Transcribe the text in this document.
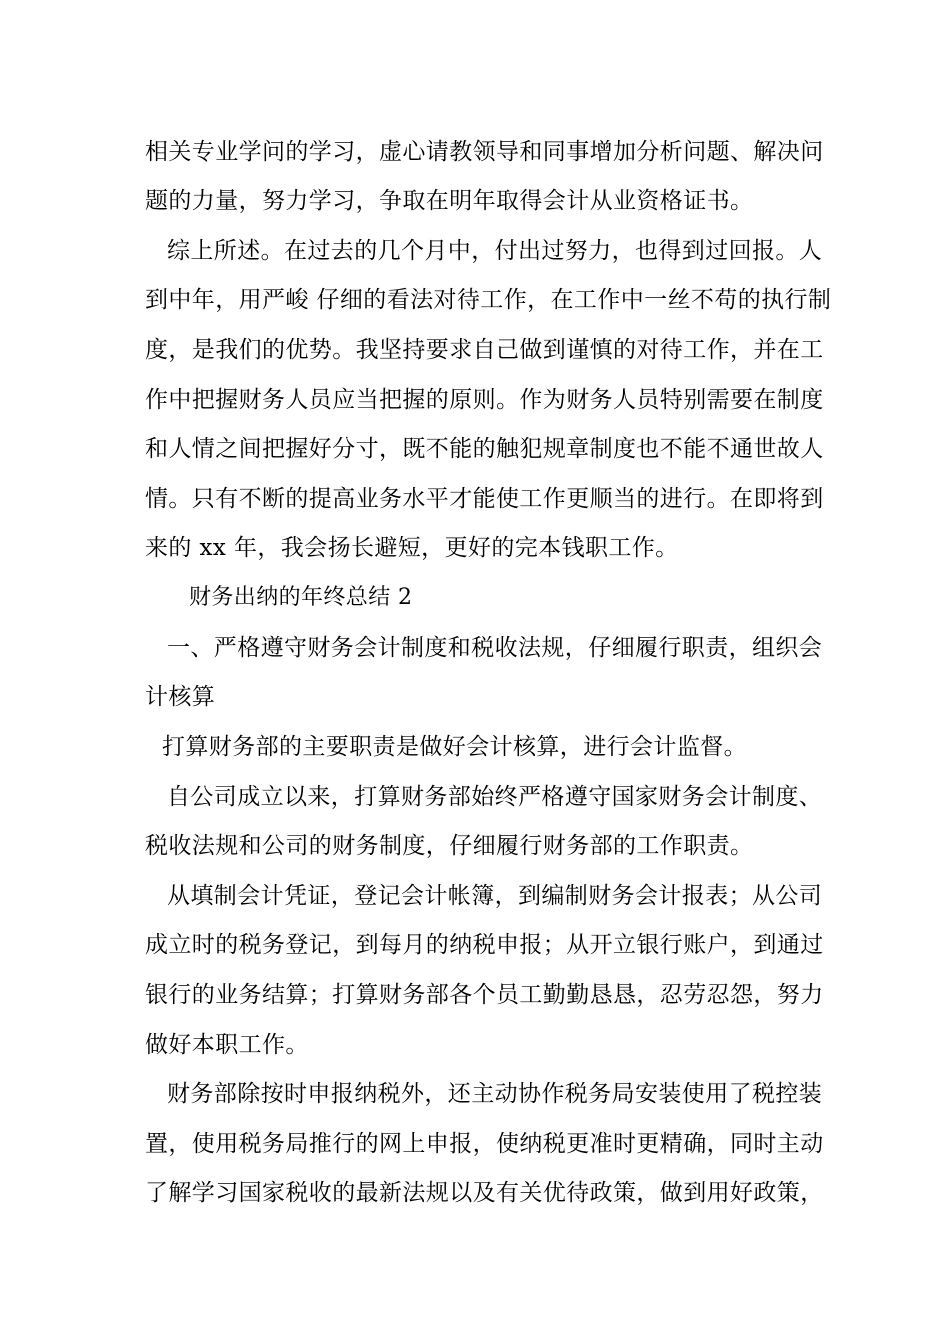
相关专业学问的学习，虚心请教领导和同事增加分析问题、解决问
题的力量，努力学习，争取在明年取得会计从业资格证书。
综上所述。在过去的几个月中，付出过努力，也得到过回报。人
到中年，用严峻 仔细的看法对待工作，在工作中一丝不苟的执行制
度，是我们的优势。我坚持要求自己做到谨慎的对待工作，并在工
作中把握财务人员应当把握的原则。作为财务人员特别需要在制度
和人情之间把握好分寸，既不能的触犯规章制度也不能不通世故人
情。只有不断的提高业务水平才能使工作更顺当的进行。在即将到
来的 xx 年，我会扬长避短，更好的完本钱职工作。
财务出纳的年终总结 2
一、严格遵守财务会计制度和税收法规，仔细履行职责，组织会
计核算
打算财务部的主要职责是做好会计核算，进行会计监督。
自公司成立以来，打算财务部始终严格遵守国家财务会计制度、
税收法规和公司的财务制度，仔细履行财务部的工作职责。
从填制会计凭证，登记会计帐簿，到编制财务会计报表；从公司
成立时的税务登记，到每月的纳税申报；从开立银行账户，到通过
银行的业务结算；打算财务部各个员工勤勤恳恳，忍劳忍怨，努力
做好本职工作。
财务部除按时申报纳税外，还主动协作税务局安装使用了税控装
置，使用税务局推行的网上申报，使纳税更准时更精确，同时主动
了解学习国家税收的最新法规以及有关优待政策，做到用好政策，
